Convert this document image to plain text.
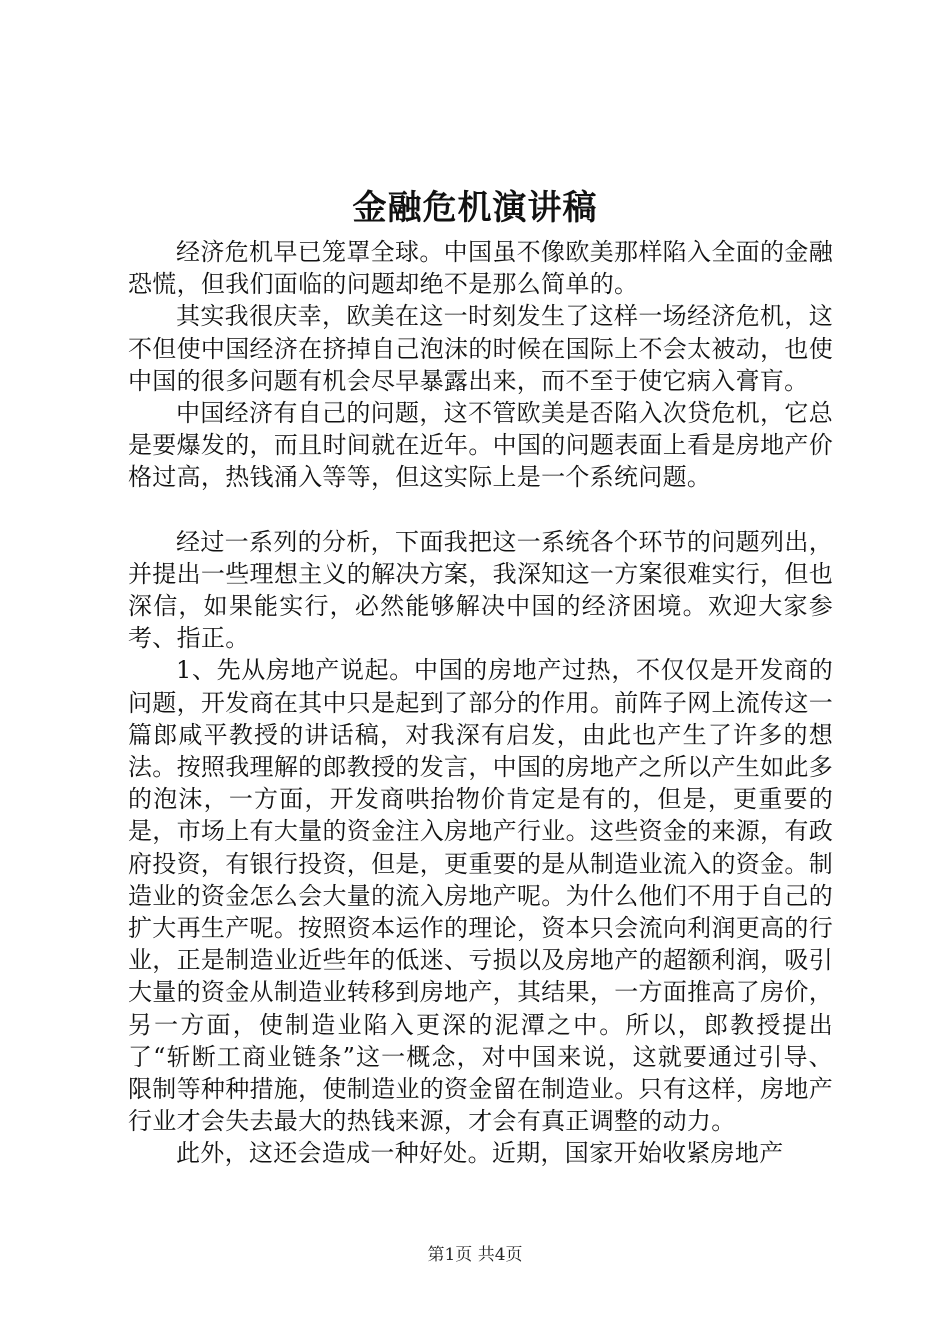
金融危机演讲稿

经济危机早已笼罩全球。中国虽不像欧美那样陷入全面的金融恐慌，但我们面临的问题却绝不是那么简单的。

其实我很庆幸，欧美在这一时刻发生了这样一场经济危机，这不但使中国经济在挤掉自己泡沫的时候在国际上不会太被动，也使中国的很多问题有机会尽早暴露出来，而不至于使它病入膏肓。

中国经济有自己的问题，这不管欧美是否陷入次贷危机，它总是要爆发的，而且时间就在近年。中国的问题表面上看是房地产价格过高，热钱涌入等等，但这实际上是一个系统问题。

经过一系列的分析，下面我把这一系统各个环节的问题列出，并提出一些理想主义的解决方案，我深知这一方案很难实行，但也深信，如果能实行，必然能够解决中国的经济困境。欢迎大家参考、指正。

1、先从房地产说起。中国的房地产过热，不仅仅是开发商的问题，开发商在其中只是起到了部分的作用。前阵子网上流传这一篇郎咸平教授的讲话稿，对我深有启发，由此也产生了许多的想法。按照我理解的郎教授的发言，中国的房地产之所以产生如此多的泡沫，一方面，开发商哄抬物价肯定是有的，但是，更重要的是，市场上有大量的资金注入房地产行业。这些资金的来源，有政府投资，有银行投资，但是，更重要的是从制造业流入的资金。制造业的资金怎么会大量的流入房地产呢。为什么他们不用于自己的扩大再生产呢。按照资本运作的理论，资本只会流向利润更高的行业，正是制造业近些年的低迷、亏损以及房地产的超额利润，吸引大量的资金从制造业转移到房地产，其结果，一方面推高了房价，另一方面，使制造业陷入更深的泥潭之中。所以，郎教授提出了“斩断工商业链条”这一概念，对中国来说，这就要通过引导、限制等种种措施，使制造业的资金留在制造业。只有这样，房地产行业才会失去最大的热钱来源，才会有真正调整的动力。

此外，这还会造成一种好处。近期，国家开始收紧房地产

第1页 共4页
